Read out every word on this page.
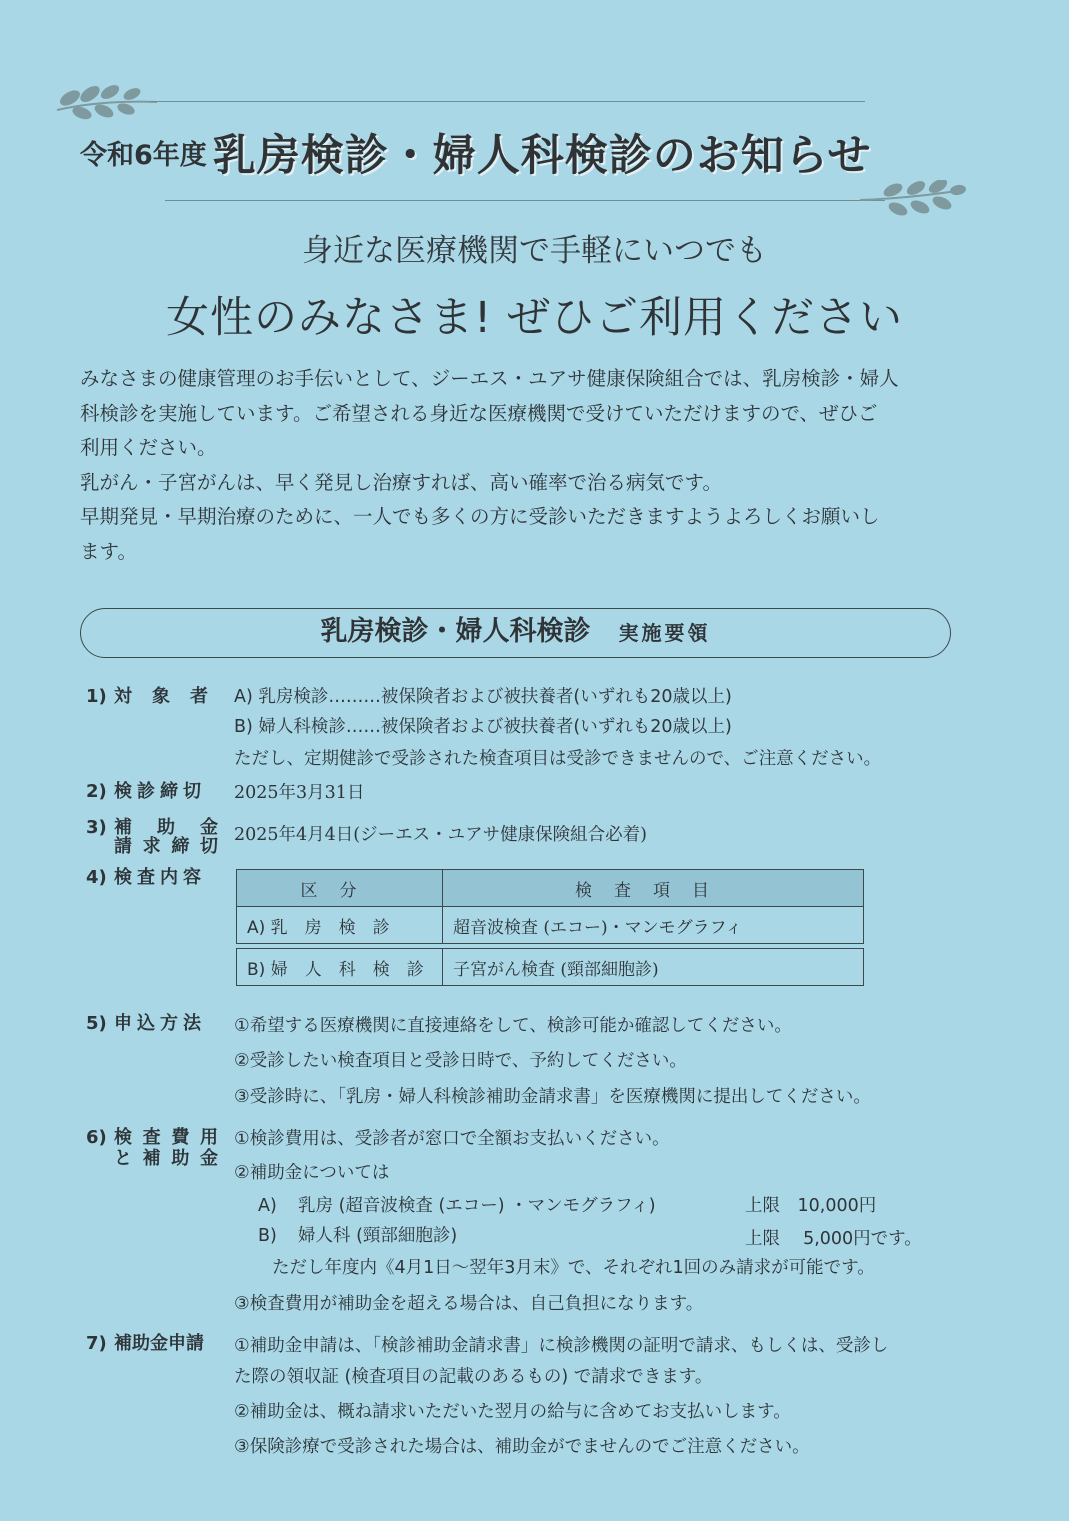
令和6年度 乳房検診・婦人科検診のお知らせ
身近な医療機関で手軽にいつでも
女性のみなさま! ぜひご利用ください

みなさまの健康管理のお手伝いとして、ジーエス・ユアサ健康保険組合では、乳房検診・婦人

科検診を実施しています。ご希望される身近な医療機関で受けていただけますので、ぜひご

利用ください。

乳がん・子宮がんは、早く発見し治療すれば、高い確率で治る病気です。

早期発見・早期治療のために、一人でも多くの方に受診いただきますようよろしくお願いし

ます。

乳房検診・婦人科検診 実施要領
1) 対　象　者	A) 乳房検診………被保険者および被扶養者(いずれも20歳以上)
B) 婦人科検診……被保険者および被扶養者(いずれも20歳以上)
ただし、定期健診で受診された検査項目は受診できませんので、ご注意ください。
2) 検診締切	2025年3月31日
3) 補助金
請求締切
2025年4月4日(ジーエス・ユアサ健康保険組合必着)
4) 検査内容
区分	検査項目
A) 乳　房　検　診	超音波検査 (エコー)・マンモグラフィ

B) 婦　人　科　検　診	子宮がん検査 (頸部細胞診)
5) 申込方法	①希望する医療機関に直接連絡をして、検診可能か確認してください。
②受診したい検査項目と受診日時で、予約してください。
③受診時に、「乳房・婦人科検診補助金請求書」を医療機関に提出してください。
6) 検査費用
と補助金
①検診費用は、受診者が窓口で全額お支払いください。
②補助金については
A) 乳房 (超音波検査 (エコー) ・マンモグラフィ)	上限　10,000円
B) 婦人科 (頸部細胞診)	上限　 5,000円です。
ただし年度内《4月1日〜翌年3月末》で、それぞれ1回のみ請求が可能です。
③検査費用が補助金を超える場合は、自己負担になります。
7) 補助金申請	①補助金申請は、「検診補助金請求書」に検診機関の証明で請求、もしくは、受診し
た際の領収証 (検査項目の記載のあるもの) で請求できます。
②補助金は、概ね請求いただいた翌月の給与に含めてお支払いします。
③保険診療で受診された場合は、補助金がでませんのでご注意ください。
